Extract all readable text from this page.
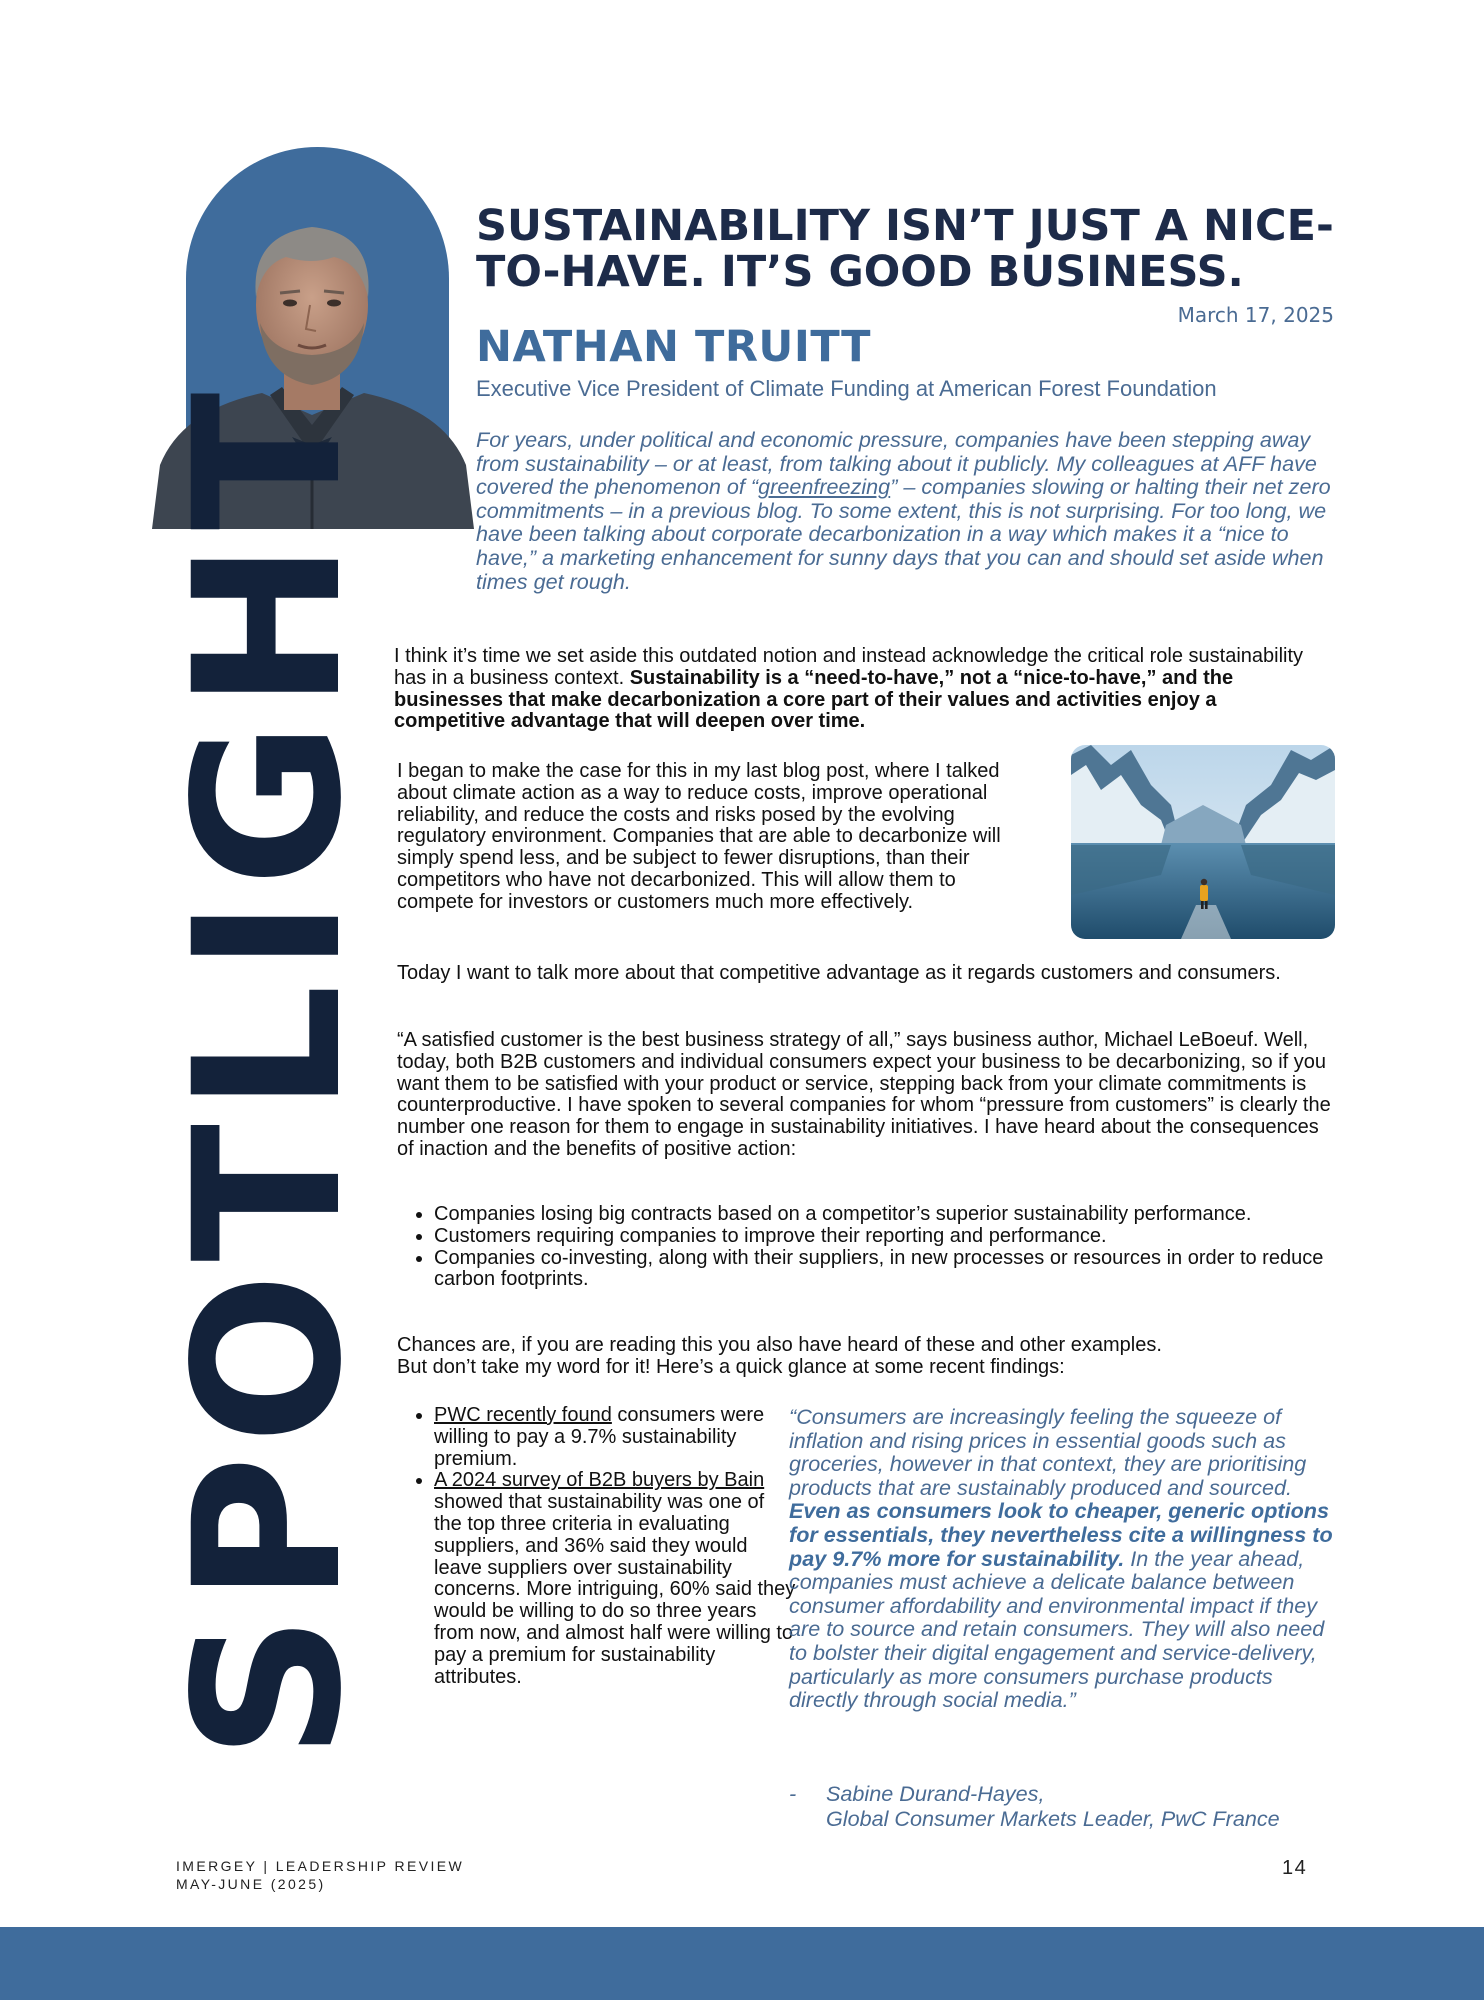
SPOTLIGHT
SUSTAINABILITY ISN’T JUST A NICE-TO-HAVE. IT’S GOOD BUSINESS.
March 17, 2025
NATHAN TRUITT
Executive Vice President of Climate Funding at American Forest Foundation

For years, under political and economic pressure, companies have been stepping away from sustainability – or at least, from talking about it publicly. My colleagues at AFF have covered the phenomenon of “greenfreezing” – companies slowing or halting their net zero commitments – in a previous blog. To some extent, this is not surprising. For too long, we have been talking about corporate decarbonization in a way which makes it a “nice to have,” a marketing enhancement for sunny days that you can and should set aside when times get rough.

I think it’s time we set aside this outdated notion and instead acknowledge the critical role sustainability has in a business context. Sustainability is a “need-to-have,” not a “nice-to-have,” and the businesses that make decarbonization a core part of their values and activities enjoy a competitive advantage that will deepen over time.

I began to make the case for this in my last blog post, where I talked about climate action as a way to reduce costs, improve operational reliability, and reduce the costs and risks posed by the evolving regulatory environment. Companies that are able to decarbonize will simply spend less, and be subject to fewer disruptions, than their competitors who have not decarbonized. This will allow them to compete for investors or customers much more effectively.

Today I want to talk more about that competitive advantage as it regards customers and consumers.

“A satisfied customer is the best business strategy of all,” says business author, Michael LeBoeuf. Well, today, both B2B customers and individual consumers expect your business to be decarbonizing, so if you want them to be satisfied with your product or service, stepping back from your climate commitments is counterproductive. I have spoken to several companies for whom “pressure from customers” is clearly the number one reason for them to engage in sustainability initiatives. I have heard about the consequences of inaction and the benefits of positive action:

• Companies losing big contracts based on a competitor’s superior sustainability performance.
• Customers requiring companies to improve their reporting and performance.
• Companies co-investing, along with their suppliers, in new processes or resources in order to reduce carbon footprints.

Chances are, if you are reading this you also have heard of these and other examples.
But don’t take my word for it! Here’s a quick glance at some recent findings:

• PWC recently found consumers were willing to pay a 9.7% sustainability premium.
• A 2024 survey of B2B buyers by Bain showed that sustainability was one of the top three criteria in evaluating suppliers, and 36% said they would leave suppliers over sustainability concerns. More intriguing, 60% said they would be willing to do so three years from now, and almost half were willing to pay a premium for sustainability attributes.

“Consumers are increasingly feeling the squeeze of inflation and rising prices in essential goods such as groceries, however in that context, they are prioritising products that are sustainably produced and sourced. Even as consumers look to cheaper, generic options for essentials, they nevertheless cite a willingness to pay 9.7% more for sustainability. In the year ahead, companies must achieve a delicate balance between consumer affordability and environmental impact if they are to source and retain consumers. They will also need to bolster their digital engagement and service-delivery, particularly as more consumers purchase products directly through social media.”

- Sabine Durand-Hayes,
Global Consumer Markets Leader, PwC France
IMERGEY | LEADERSHIP REVIEW
MAY-JUNE (2025)
14
